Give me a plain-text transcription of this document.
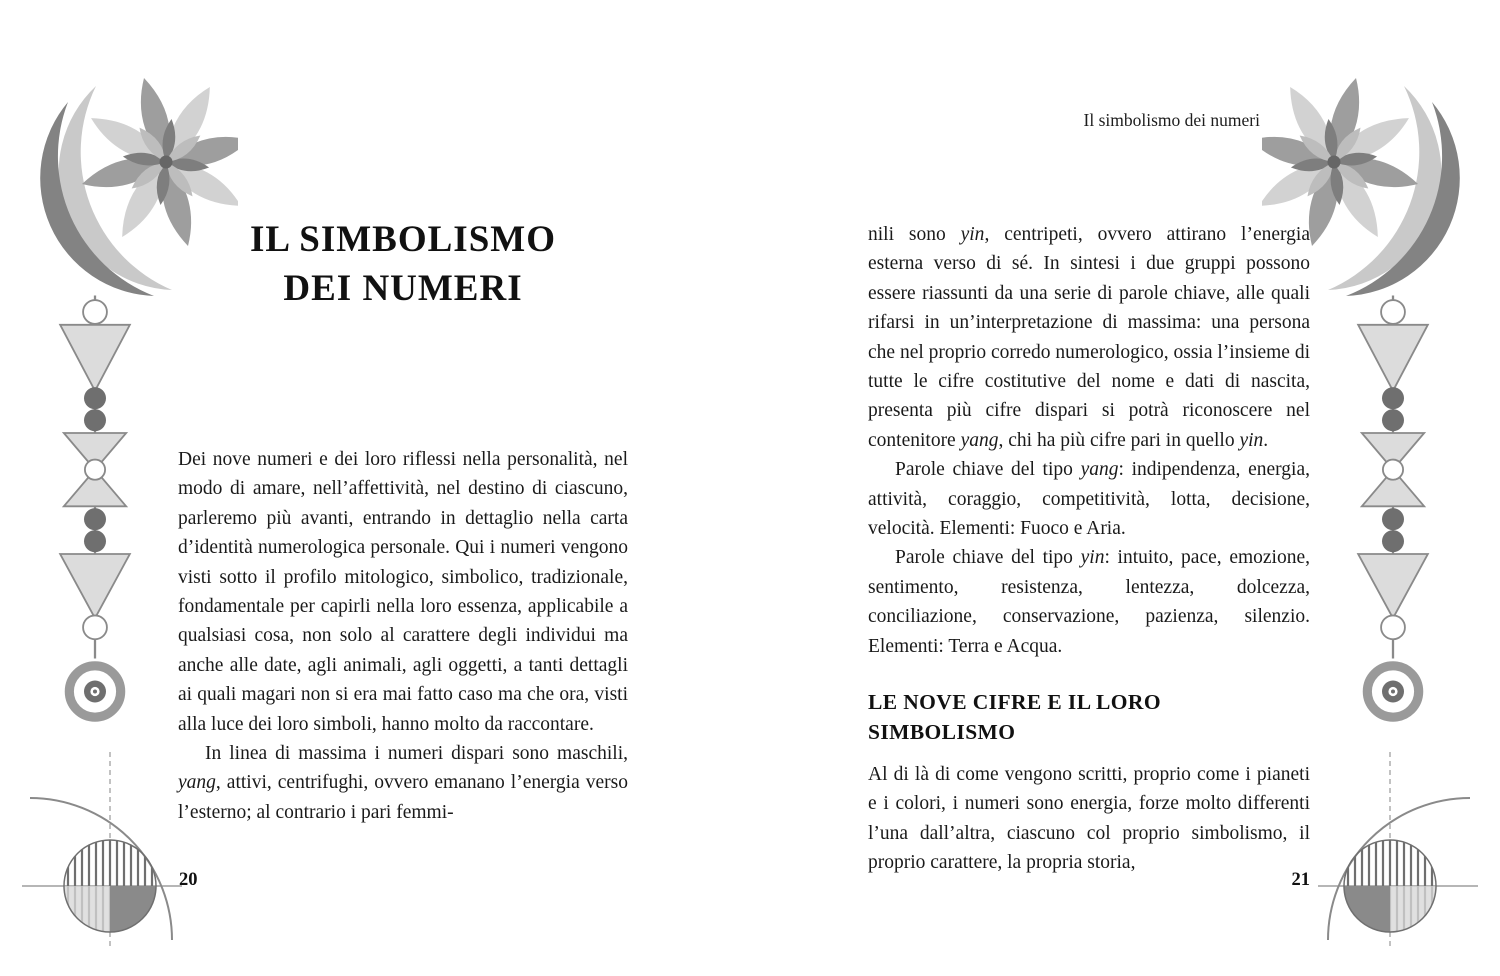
IL SIMBOLISMO
DEI NUMERI

Dei nove numeri e dei loro riflessi nella personalità, nel modo di amare, nell’affettività, nel destino di ciascuno, parleremo più avanti, entrando in dettaglio nella carta d’identità numerologica personale. Qui i numeri vengono visti sotto il profilo mitologico, simbolico, tradizionale, fondamentale per capirli nella loro essenza, applicabile a qualsiasi cosa, non solo al carattere degli individui ma anche alle date, agli animali, agli oggetti, a tanti dettagli ai quali magari non si era mai fatto caso ma che ora, visti alla luce dei loro simboli, hanno molto da raccontare.

In linea di massima i numeri dispari sono maschili, yang, attivi, centrifughi, ovvero emanano l’energia verso l’esterno; al contrario i pari femmi-

20
Il simbolismo dei numeri

nili sono yin, centripeti, ovvero attirano l’energia esterna verso di sé. In sintesi i due gruppi possono essere riassunti da una serie di parole chiave, alle quali rifarsi in un’interpretazione di massima: una persona che nel proprio corredo numerologico, ossia l’insieme di tutte le cifre costitutive del nome e dati di nascita, presenta più cifre dispari si potrà riconoscere nel contenitore yang, chi ha più cifre pari in quello yin.

Parole chiave del tipo yang: indipendenza, energia, attività, coraggio, competitività, lotta, decisione, velocità. Elementi: Fuoco e Aria.

Parole chiave del tipo yin: intuito, pace, emozione, sentimento, resistenza, lentezza, dolcezza, conciliazione, conservazione, pazienza, silenzio. Elementi: Terra e Acqua.

LE NOVE CIFRE E IL LORO SIMBOLISMO

Al di là di come vengono scritti, proprio come i pianeti e i colori, i numeri sono energia, forze molto differenti l’una dall’altra, ciascuno col proprio simbolismo, il proprio carattere, la propria storia,

21
